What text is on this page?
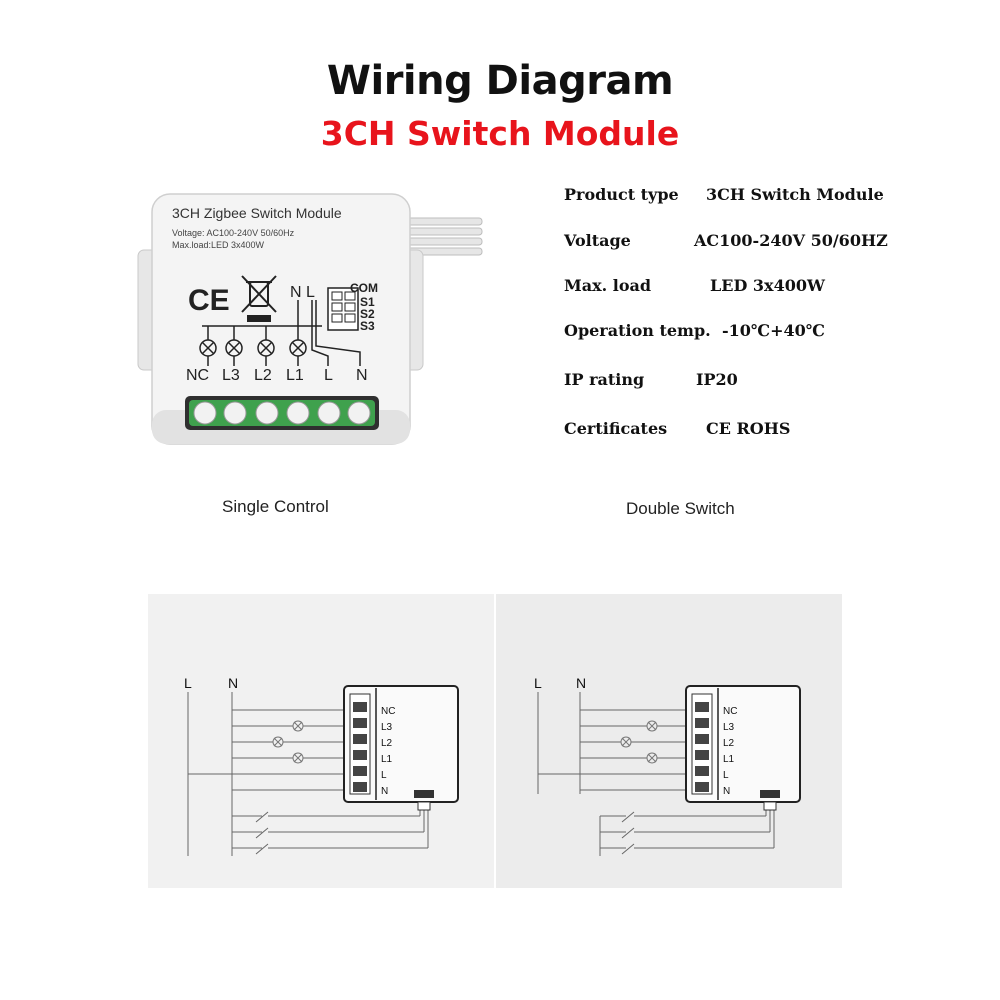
Wiring Diagram
3CH Switch Module
3CH Zigbee Switch Module
Voltage: AC100-240V 50/60Hz
Max.load:LED 3x400W
CE	N L	COM
S1
S2
S3
NC L3 L2 L1 L N
Product type 3CH Switch Module
Voltage	AC100-240V 50/60HZ
Max. load	LED 3x400W
Operation temp. -10℃+40℃
IP rating	IP20
Certificates CE ROHS
Single Control	Double Switch
L	N
NC
L3
L2
L1
L
N
L N
NC
L3
L2
L1
L
N
